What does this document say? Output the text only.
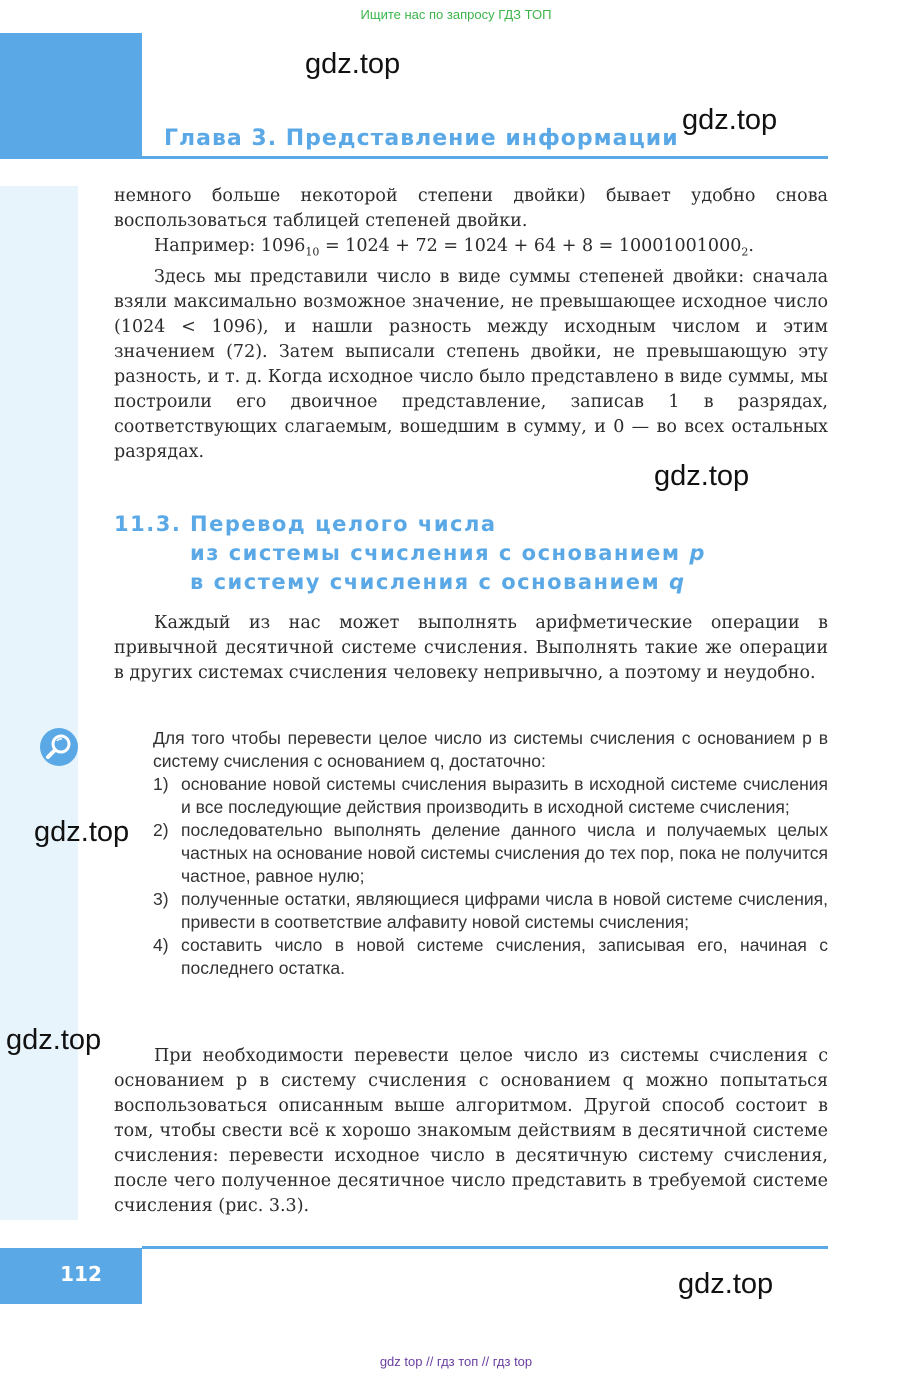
Ищите нас по запросу ГДЗ ТОП
gdz.top
gdz.top
Глава 3. Представление информации

немного больше некоторой степени двойки) бывает удобно снова воспользоваться таблицей степеней двойки.

Например: $1096_{10} = 1024 + 72 = 1024 + 64 + 8 = 10001001000_2$.

Здесь мы представили число в виде суммы степеней двойки: сначала взяли максимально возможное значение, не превышающее исходное число (1024 < 1096), и нашли разность между исходным числом и этим значением (72). Затем выписали степень двойки, не превышающую эту разность, и т. д. Когда исходное число было представлено в виде суммы, мы построили его двоичное представление, записав 1 в разрядах, соответствующих слагаемым, вошедшим в сумму, и 0 — во всех остальных разрядах.

gdz.top
11.3. Перевод целого числа
из системы счисления с основанием p
в систему счисления с основанием q

Каждый из нас может выполнять арифметические операции в привычной десятичной системе счисления. Выполнять такие же операции в других системах счисления человеку непривычно, а поэтому и неудобно.

Для того чтобы перевести целое число из системы счисления с основанием p в систему счисления с основанием q, достаточно:

1) основание новой системы счисления выразить в исходной системе счисления и все последующие действия производить в исходной системе счисления;
2) последовательно выполнять деление данного числа и получаемых целых частных на основание новой системы счисления до тех пор, пока не получится частное, равное нулю;
3) полученные остатки, являющиеся цифрами числа в новой системе счисления, привести в соответствие алфавиту новой системы счисления;
4) составить число в новой системе счисления, записывая его, начиная с последнего остатка.
gdz.top
gdz.top	При необходимости перевести целое число из системы счисления с основанием p в систему счисления с основанием q можно попытаться воспользоваться описанным выше алгоритмом. Другой способ состоит в том, чтобы свести всё к хорошо знакомым действиям в десятичной системе счисления: перевести исходное число в десятичную систему счисления, после чего полученное десятичное число представить в требуемой системе счисления (рис. 3.3).

112	gdz.top
gdz top // гдз топ // гдз top
